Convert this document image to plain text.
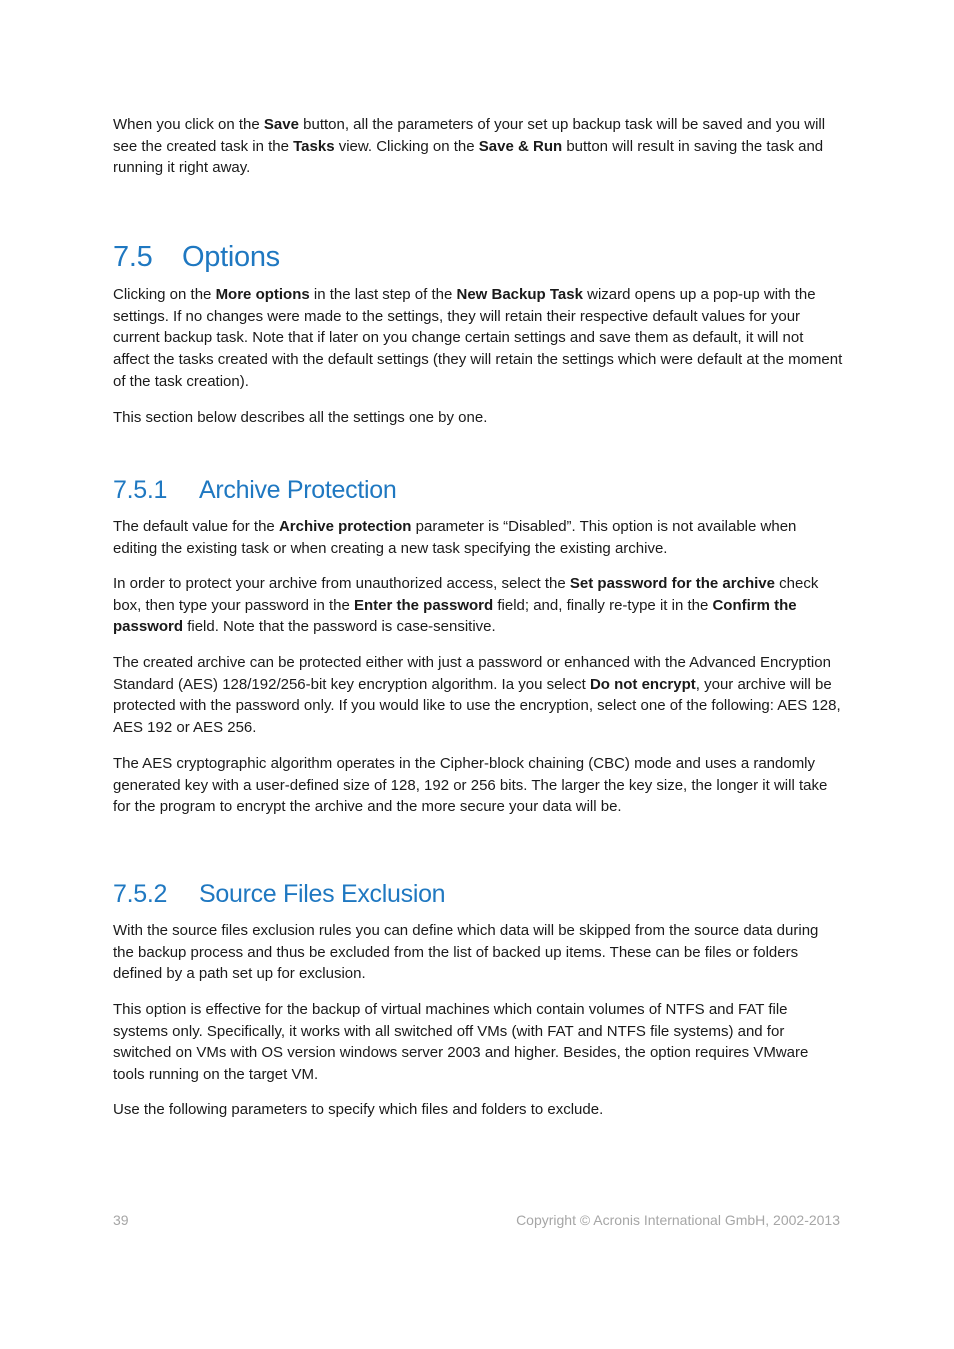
When you click on the Save button, all the parameters of your set up backup task will be saved and you will see the created task in the Tasks view. Clicking on the Save & Run button will result in saving the task and running it right away.

7.5 Options

Clicking on the More options in the last step of the New Backup Task wizard opens up a pop-up with the settings. If no changes were made to the settings, they will retain their respective default values for your current backup task. Note that if later on you change certain settings and save them as default, it will not affect the tasks created with the default settings (they will retain the settings which were default at the moment of the task creation).

This section below describes all the settings one by one.

7.5.1 Archive Protection

The default value for the Archive protection parameter is “Disabled”. This option is not available when editing the existing task or when creating a new task specifying the existing archive.

In order to protect your archive from unauthorized access, select the Set password for the archive check box, then type your password in the Enter the password field; and, finally re-type it in the Confirm the password field. Note that the password is case-sensitive.

The created archive can be protected either with just a password or enhanced with the Advanced Encryption Standard (AES) 128/192/256-bit key encryption algorithm. Ia you select Do not encrypt, your archive will be protected with the password only. If you would like to use the encryption, select one of the following: AES 128, AES 192 or AES 256.

The AES cryptographic algorithm operates in the Cipher-block chaining (CBC) mode and uses a randomly generated key with a user-defined size of 128, 192 or 256 bits. The larger the key size, the longer it will take for the program to encrypt the archive and the more secure your data will be.

7.5.2 Source Files Exclusion

With the source files exclusion rules you can define which data will be skipped from the source data during the backup process and thus be excluded from the list of backed up items. These can be files or folders defined by a path set up for exclusion.

This option is effective for the backup of virtual machines which contain volumes of NTFS and FAT file systems only. Specifically, it works with all switched off VMs (with FAT and NTFS file systems) and for switched on VMs with OS version windows server 2003 and higher. Besides, the option requires VMware tools running on the target VM.

Use the following parameters to specify which files and folders to exclude.

39	Copyright © Acronis International GmbH, 2002-2013
